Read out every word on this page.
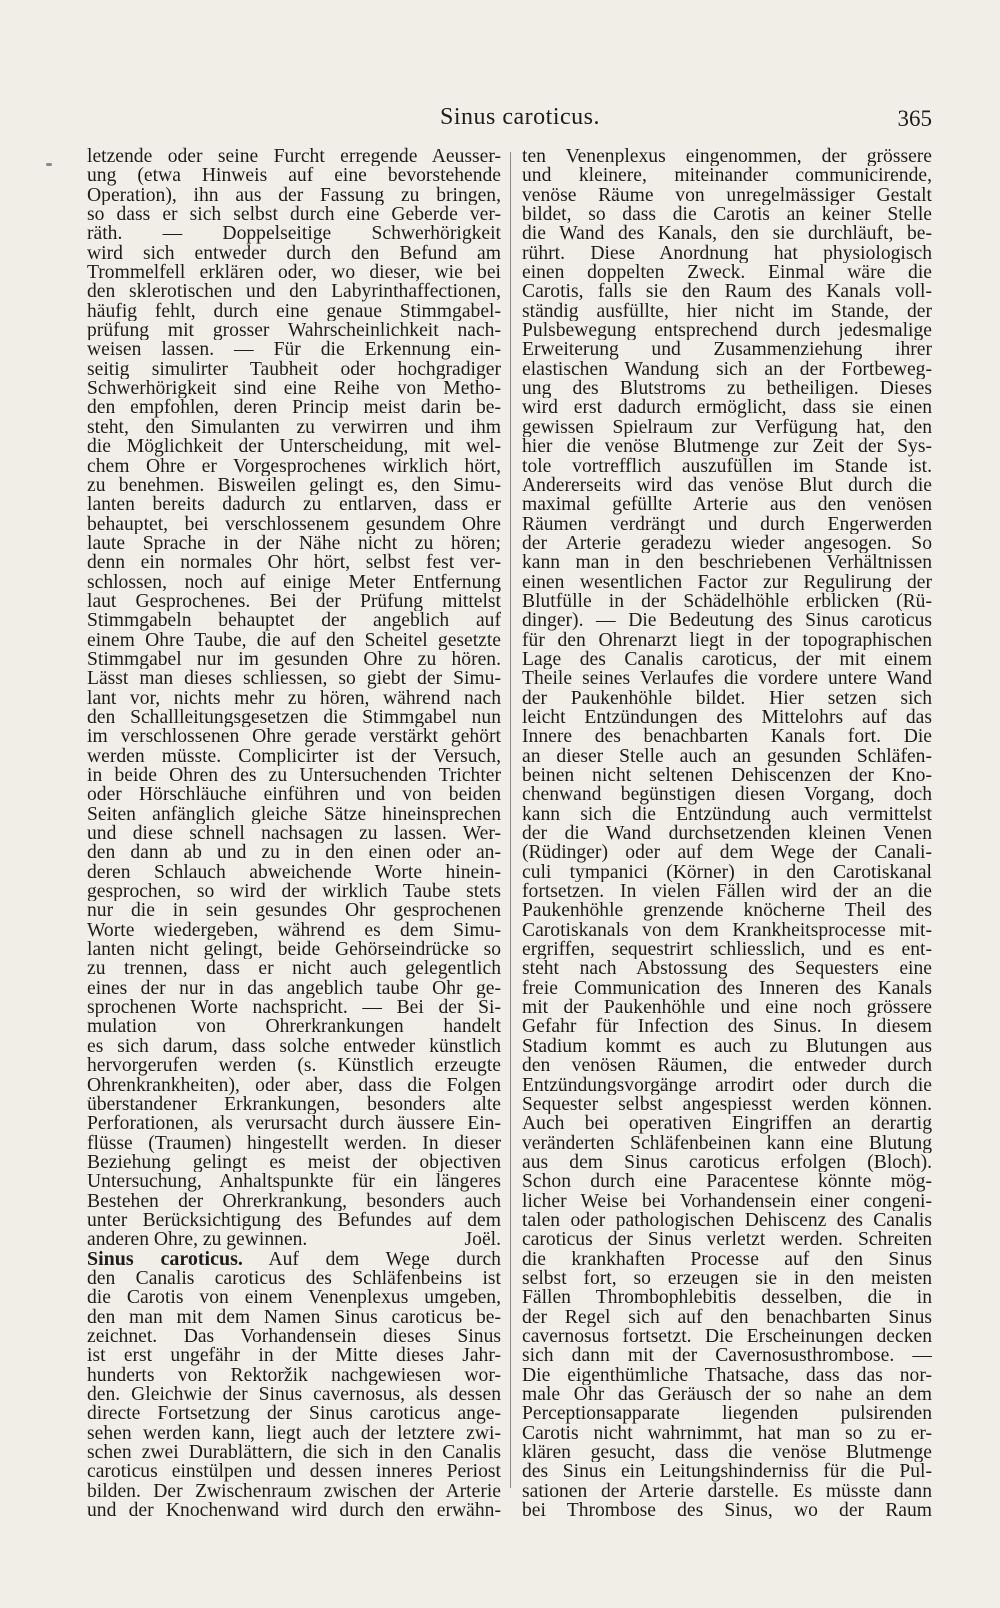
Sinus caroticus.	365
letzende oder seine Furcht erregende Aeusser-
ung (etwa Hinweis auf eine bevorstehende
Operation), ihn aus der Fassung zu bringen,
so dass er sich selbst durch eine Geberde ver-
räth. — Doppelseitige Schwerhörigkeit
wird sich entweder durch den Befund am
Trommelfell erklären oder, wo dieser, wie bei
den sklerotischen und den Labyrinthaffectionen,
häufig fehlt, durch eine genaue Stimmgabel-
prüfung mit grosser Wahrscheinlichkeit nach-
weisen lassen. — Für die Erkennung ein-
seitig simulirter Taubheit oder hochgradiger
Schwerhörigkeit sind eine Reihe von Metho-
den empfohlen, deren Princip meist darin be-
steht, den Simulanten zu verwirren und ihm
die Möglichkeit der Unterscheidung, mit wel-
chem Ohre er Vorgesprochenes wirklich hört,
zu benehmen. Bisweilen gelingt es, den Simu-
lanten bereits dadurch zu entlarven, dass er
behauptet, bei verschlossenem gesundem Ohre
laute Sprache in der Nähe nicht zu hören;
denn ein normales Ohr hört, selbst fest ver-
schlossen, noch auf einige Meter Entfernung
laut Gesprochenes. Bei der Prüfung mittelst
Stimmgabeln behauptet der angeblich auf
einem Ohre Taube, die auf den Scheitel gesetzte
Stimmgabel nur im gesunden Ohre zu hören.
Lässt man dieses schliessen, so giebt der Simu-
lant vor, nichts mehr zu hören, während nach
den Schallleitungsgesetzen die Stimmgabel nun
im verschlossenen Ohre gerade verstärkt gehört
werden müsste. Complicirter ist der Versuch,
in beide Ohren des zu Untersuchenden Trichter
oder Hörschläuche einführen und von beiden
Seiten anfänglich gleiche Sätze hineinsprechen
und diese schnell nachsagen zu lassen. Wer-
den dann ab und zu in den einen oder an-
deren Schlauch abweichende Worte hinein-
gesprochen, so wird der wirklich Taube stets
nur die in sein gesundes Ohr gesprochenen
Worte wiedergeben, während es dem Simu-
lanten nicht gelingt, beide Gehörseindrücke so
zu trennen, dass er nicht auch gelegentlich
eines der nur in das angeblich taube Ohr ge-
sprochenen Worte nachspricht. — Bei der Si-
mulation von Ohrerkrankungen handelt
es sich darum, dass solche entweder künstlich
hervorgerufen werden (s. Künstlich erzeugte
Ohrenkrankheiten), oder aber, dass die Folgen
überstandener Erkrankungen, besonders alte
Perforationen, als verursacht durch äussere Ein-
flüsse (Traumen) hingestellt werden. In dieser
Beziehung gelingt es meist der objectiven
Untersuchung, Anhaltspunkte für ein längeres
Bestehen der Ohrerkrankung, besonders auch
unter Berücksichtigung des Befundes auf dem
anderen Ohre, zu gewinnen.	Joël.
Sinus caroticus. Auf dem Wege durch
den Canalis caroticus des Schläfenbeins ist
die Carotis von einem Venenplexus umgeben,
den man mit dem Namen Sinus caroticus be-
zeichnet. Das Vorhandensein dieses Sinus
ist erst ungefähr in der Mitte dieses Jahr-
hunderts von Rektoržik nachgewiesen wor-
den. Gleichwie der Sinus cavernosus, als dessen
directe Fortsetzung der Sinus caroticus ange-
sehen werden kann, liegt auch der letztere zwi-
schen zwei Durablättern, die sich in den Canalis
caroticus einstülpen und dessen inneres Periost
bilden. Der Zwischenraum zwischen der Arterie
und der Knochenwand wird durch den erwähn-
ten Venenplexus eingenommen, der grössere
und kleinere, miteinander communicirende,
venöse Räume von unregelmässiger Gestalt
bildet, so dass die Carotis an keiner Stelle
die Wand des Kanals, den sie durchläuft, be-
rührt. Diese Anordnung hat physiologisch
einen doppelten Zweck. Einmal wäre die
Carotis, falls sie den Raum des Kanals voll-
ständig ausfüllte, hier nicht im Stande, der
Pulsbewegung entsprechend durch jedesmalige
Erweiterung und Zusammenziehung ihrer
elastischen Wandung sich an der Fortbeweg-
ung des Blutstroms zu betheiligen. Dieses
wird erst dadurch ermöglicht, dass sie einen
gewissen Spielraum zur Verfügung hat, den
hier die venöse Blutmenge zur Zeit der Sys-
tole vortrefflich auszufüllen im Stande ist.
Andererseits wird das venöse Blut durch die
maximal gefüllte Arterie aus den venösen
Räumen verdrängt und durch Engerwerden
der Arterie geradezu wieder angesogen. So
kann man in den beschriebenen Verhältnissen
einen wesentlichen Factor zur Regulirung der
Blutfülle in der Schädelhöhle erblicken (Rü-
dinger). — Die Bedeutung des Sinus caroticus
für den Ohrenarzt liegt in der topographischen
Lage des Canalis caroticus, der mit einem
Theile seines Verlaufes die vordere untere Wand
der Paukenhöhle bildet. Hier setzen sich
leicht Entzündungen des Mittelohrs auf das
Innere des benachbarten Kanals fort. Die
an dieser Stelle auch an gesunden Schläfen-
beinen nicht seltenen Dehiscenzen der Kno-
chenwand begünstigen diesen Vorgang, doch
kann sich die Entzündung auch vermittelst
der die Wand durchsetzenden kleinen Venen
(Rüdinger) oder auf dem Wege der Canali-
culi tympanici (Körner) in den Carotiskanal
fortsetzen. In vielen Fällen wird der an die
Paukenhöhle grenzende knöcherne Theil des
Carotiskanals von dem Krankheitsprocesse mit-
ergriffen, sequestrirt schliesslich, und es ent-
steht nach Abstossung des Sequesters eine
freie Communication des Inneren des Kanals
mit der Paukenhöhle und eine noch grössere
Gefahr für Infection des Sinus. In diesem
Stadium kommt es auch zu Blutungen aus
den venösen Räumen, die entweder durch
Entzündungsvorgänge arrodirt oder durch die
Sequester selbst angespiesst werden können.
Auch bei operativen Eingriffen an derartig
veränderten Schläfenbeinen kann eine Blutung
aus dem Sinus caroticus erfolgen (Bloch).
Schon durch eine Paracentese könnte mög-
licher Weise bei Vorhandensein einer congeni-
talen oder pathologischen Dehiscenz des Canalis
caroticus der Sinus verletzt werden. Schreiten
die krankhaften Processe auf den Sinus
selbst fort, so erzeugen sie in den meisten
Fällen Thrombophlebitis desselben, die in
der Regel sich auf den benachbarten Sinus
cavernosus fortsetzt. Die Erscheinungen decken
sich dann mit der Cavernosusthrombose. —
Die eigenthümliche Thatsache, dass das nor-
male Ohr das Geräusch der so nahe an dem
Perceptionsapparate liegenden pulsirenden
Carotis nicht wahrnimmt, hat man so zu er-
klären gesucht, dass die venöse Blutmenge
des Sinus ein Leitungshinderniss für die Pul-
sationen der Arterie darstelle. Es müsste dann
bei Thrombose des Sinus, wo der Raum
